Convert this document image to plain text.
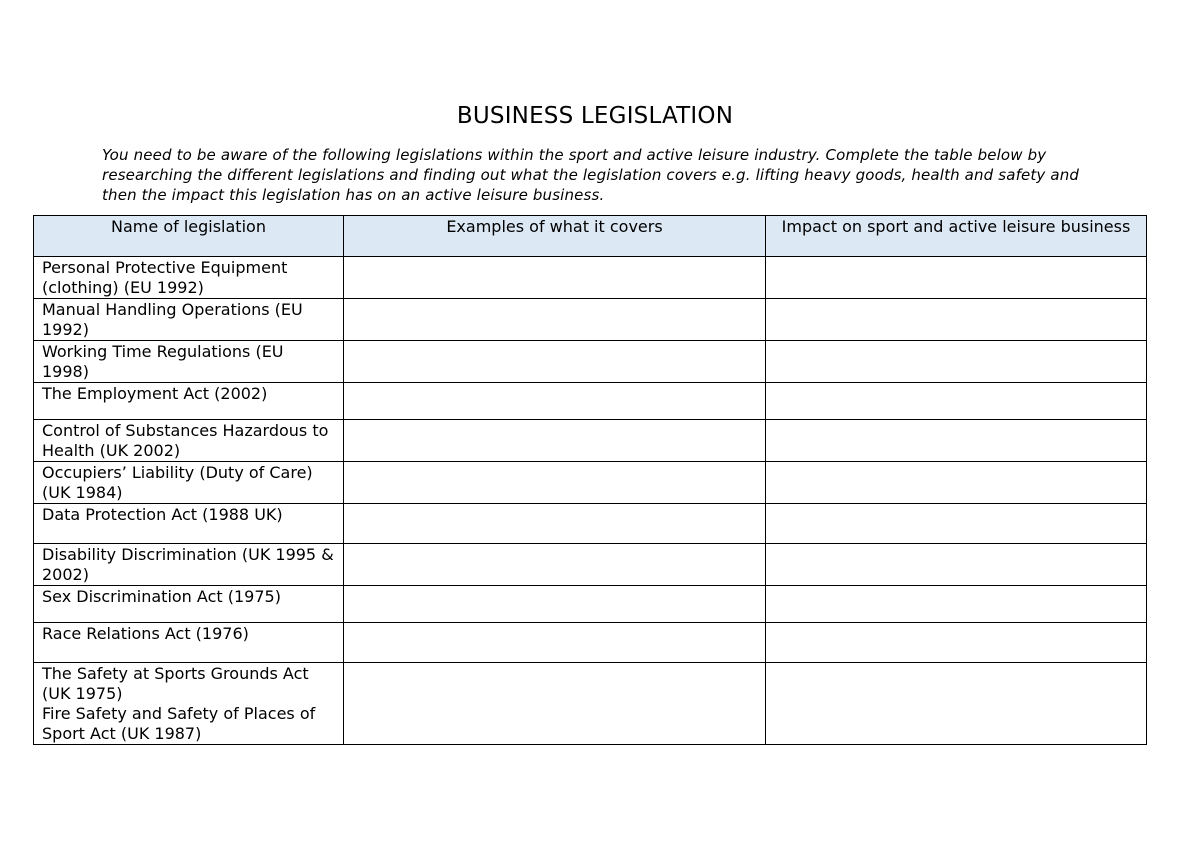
BUSINESS LEGISLATION
You need to be aware of the following legislations within the sport and active leisure industry. Complete the table below by researching the different legislations and finding out what the legislation covers e.g. lifting heavy goods, health and safety and then the impact this legislation has on an active leisure business.
Name of legislation	Examples of what it covers	Impact on sport and active leisure business
Personal Protective Equipment (clothing) (EU 1992)		
Manual Handling Operations (EU 1992)		
Working Time Regulations (EU 1998)		
The Employment Act (2002)		
Control of Substances Hazardous to Health (UK 2002)		
Occupiers’ Liability (Duty of Care) (UK 1984)		
Data Protection Act (1988 UK)		
Disability Discrimination (UK 1995 & 2002)		
Sex Discrimination Act (1975)		
Race Relations Act (1976)		

The Safety at Sports Grounds Act (UK 1975)
Fire Safety and Safety of Places of Sport Act (UK 1987)		
